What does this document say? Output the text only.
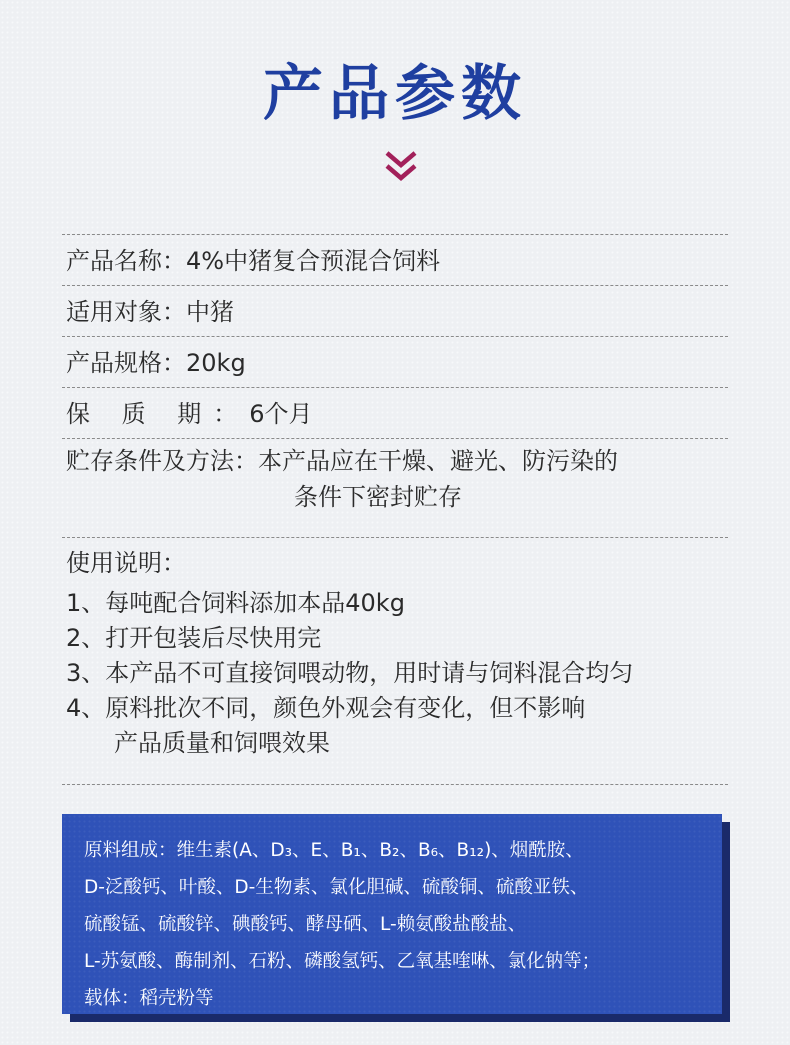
产品参数
产品名称：4%中猪复合预混合饲料
适用对象：中猪
产品规格：20kg
保 质 期：6个月
贮存条件及方法：本产品应在干燥、避光、防污染的
条件下密封贮存
使用说明：
1、每吨配合饲料添加本品40kg
2、打开包装后尽快用完
3、本产品不可直接饲喂动物，用时请与饲料混合均匀
4、原料批次不同，颜色外观会有变化，但不影响
产品质量和饲喂效果
原料组成：维生素(A、D₃、E、B₁、B₂、B₆、B₁₂)、烟酰胺、
D-泛酸钙、叶酸、D-生物素、氯化胆碱、硫酸铜、硫酸亚铁、
硫酸锰、硫酸锌、碘酸钙、酵母硒、L-赖氨酸盐酸盐、
L-苏氨酸、酶制剂、石粉、磷酸氢钙、乙氧基喹啉、氯化钠等；
载体：稻壳粉等
